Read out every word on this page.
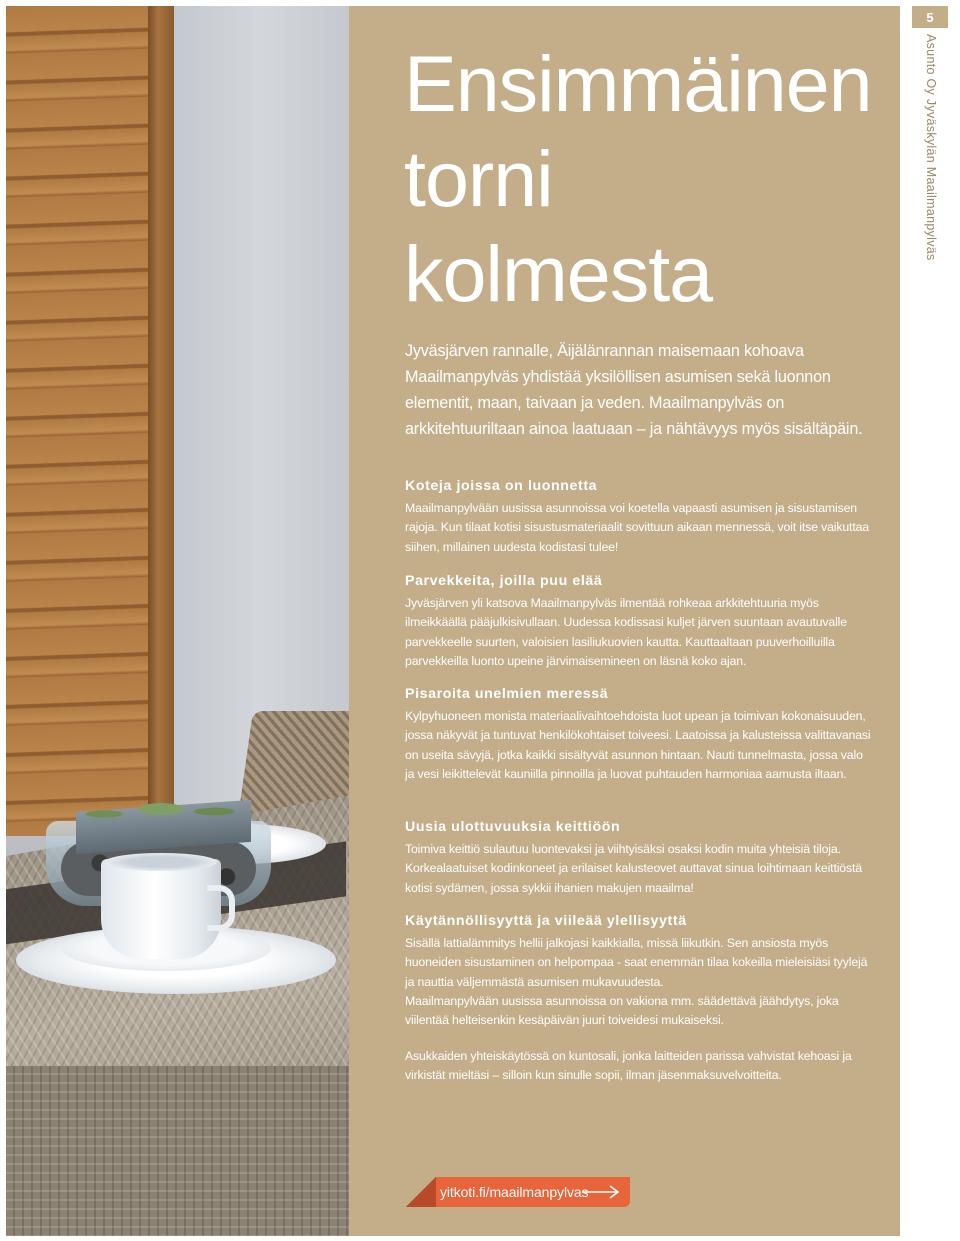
Ensimmäinen
torni
kolmesta

Jyväsjärven rannalle, Äijälänrannan maisemaan kohoava Maailmanpylväs yhdistää yksilöllisen asumisen sekä luonnon elementit, maan, taivaan ja veden. Maailmanpylväs on arkkitehtuuriltaan ainoa laatuaan – ja nähtävyys myös sisältäpäin.

Koteja joissa on luonnetta

Maailmanpylvään uusissa asunnoissa voi koetella vapaasti asumisen ja sisustamisen rajoja. Kun tilaat kotisi sisustusmateriaalit sovittuun aikaan mennessä, voit itse vaikuttaa siihen, millainen uudesta kodistasi tulee!

Parvekkeita, joilla puu elää

Jyväsjärven yli katsova Maailmanpylväs ilmentää rohkeaa arkkitehtuuria myös ilmeikkäällä pääjulkisivullaan. Uudessa kodissasi kuljet järven suuntaan avautuvalle parvekkeelle suurten, valoisien lasiliukuovien kautta. Kauttaaltaan puuverhoilluilla parvekkeilla luonto upeine järvimaisemineen on läsnä koko ajan.

Pisaroita unelmien meressä

Kylpyhuoneen monista materiaalivaihtoehdoista luot upean ja toimivan kokonaisuuden, jossa näkyvät ja tuntuvat henkilökohtaiset toiveesi. Laatoissa ja kalusteissa valittavanasi on useita sävyjä, jotka kaikki sisältyvät asunnon hintaan. Nauti tunnelmasta, jossa valo ja vesi leikittelevät kauniilla pinnoilla ja luovat puhtauden harmoniaa aamusta iltaan.

Uusia ulottuvuuksia keittiöön

Toimiva keittiö sulautuu luontevaksi ja viihtyisäksi osaksi kodin muita yhteisiä tiloja. Korkealaatuiset kodinkoneet ja erilaiset kalusteovet auttavat sinua loihtimaan keittiöstä kotisi sydämen, jossa sykkii ihanien makujen maailma!

Käytännöllisyyttä ja viileää ylellisyyttä

Sisällä lattialämmitys hellii jalkojasi kaikkialla, missä liikutkin. Sen ansiosta myös huoneiden sisustaminen on helpompaa - saat enemmän tilaa kokeilla mieleisiäsi tyylejä ja nauttia väljemmästä asumisen mukavuudesta.

Maailmanpylvään uusissa asunnoissa on vakiona mm. säädettävä jäähdytys, joka viilentää helteisenkin kesäpäivän juuri toiveidesi mukaiseksi.

Asukkaiden yhteiskäytössä on kuntosali, jonka laitteiden parissa vahvistat kehoasi ja virkistät mieltäsi – silloin kun sinulle sopii, ilman jäsenmaksuvelvoitteita.

yitkoti.fi/maailmanpylvas
5
Asunto Oy Jyväskylän Maailmanpylväs
